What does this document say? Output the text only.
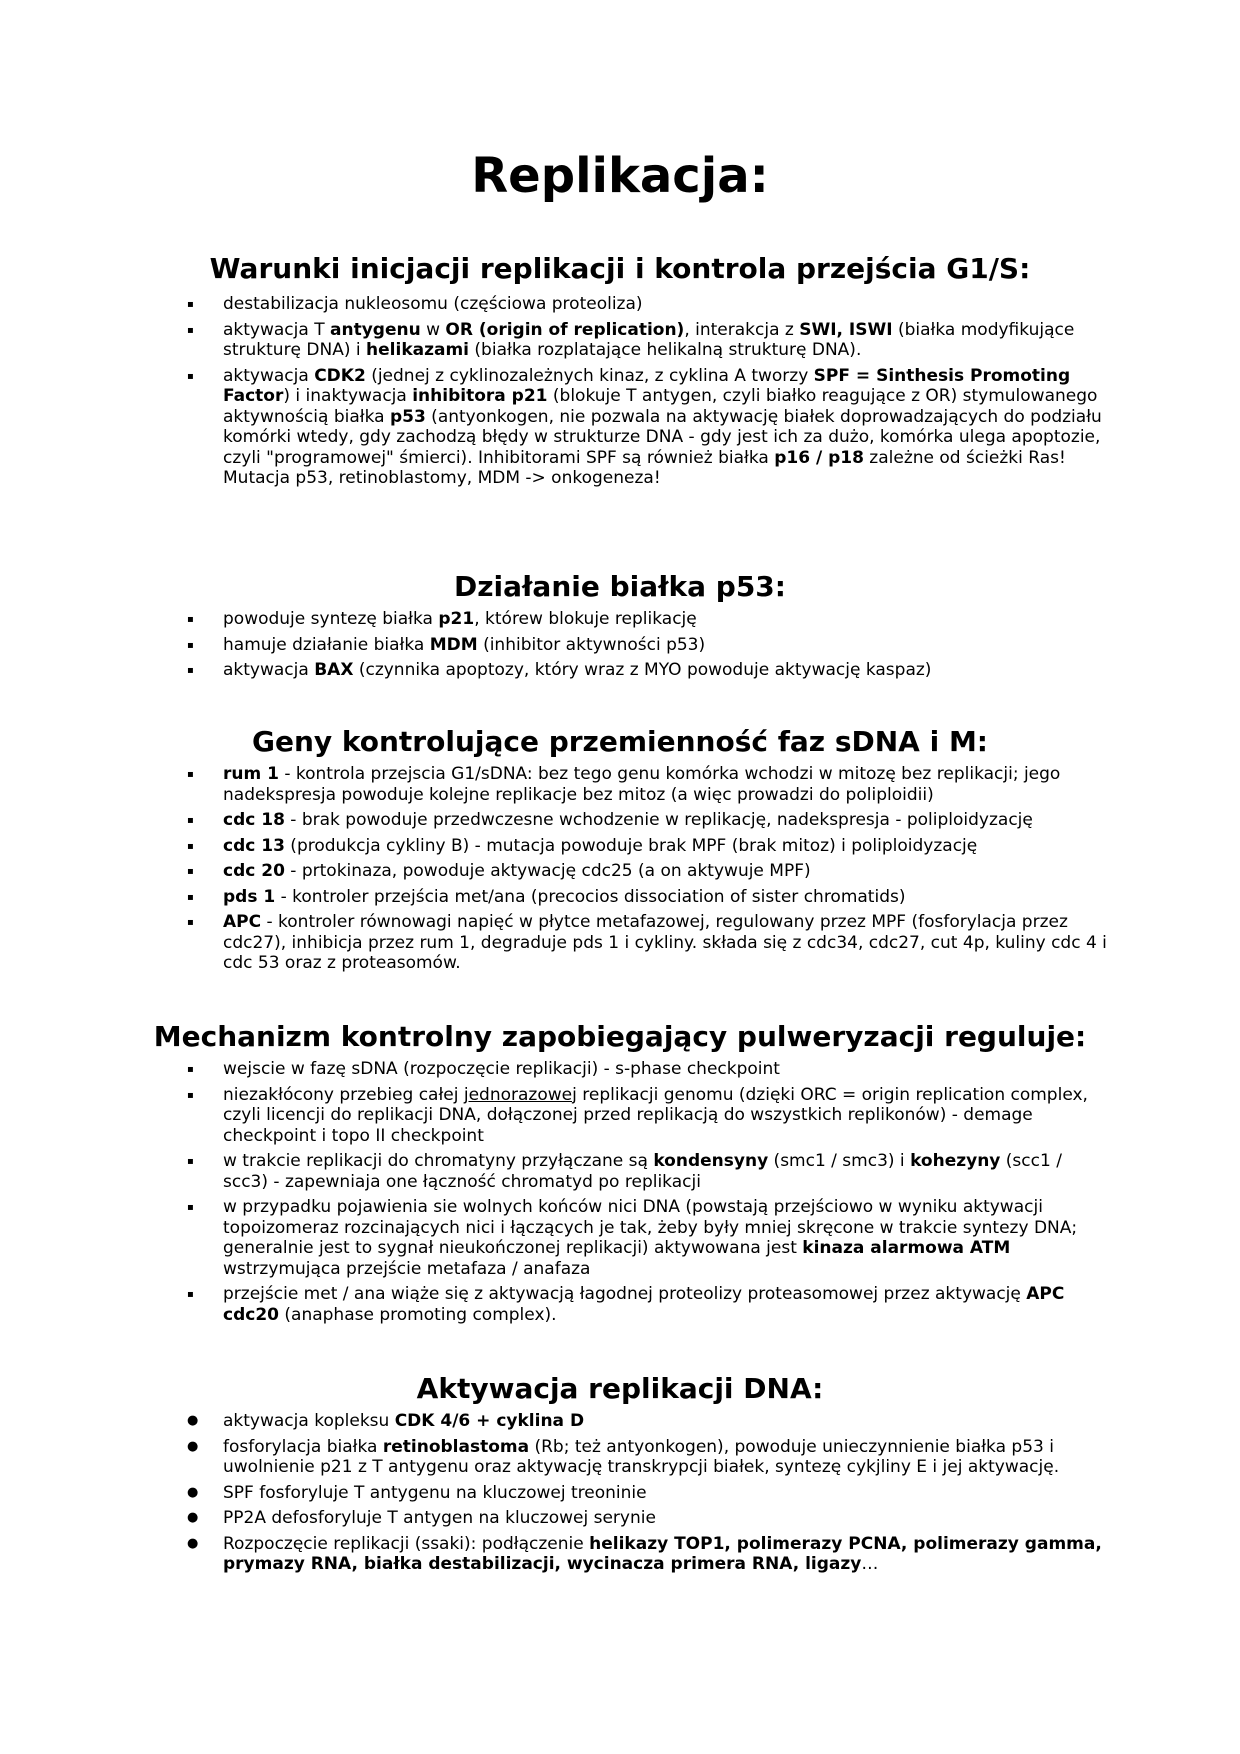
Replikacja:
Warunki inicjacji replikacji i kontrola przejścia G1/S:
▪ destabilizacja nukleosomu (częściowa proteoliza)
▪ aktywacja T antygenu w OR (origin of replication), interakcja z SWI, ISWI (białka modyfikujące strukturę DNA) i helikazami (białka rozplatające helikalną strukturę DNA).
▪ aktywacja CDK2 (jednej z cyklinozależnych kinaz, z cyklina A tworzy SPF = Sinthesis Promoting Factor) i inaktywacja inhibitora p21 (blokuje T antygen, czyli białko reagujące z OR) stymulowanego aktywnością białka p53 (antyonkogen, nie pozwala na aktywację białek doprowadzających do podziału komórki wtedy, gdy zachodzą błędy w strukturze DNA - gdy jest ich za dużo, komórka ulega apoptozie, czyli "programowej" śmierci). Inhibitorami SPF są również białka p16 / p18 zależne od ścieżki Ras!
Mutacja p53, retinoblastomy, MDM -> onkogeneza!
Działanie białka p53:
▪ powoduje syntezę białka p21, którew blokuje replikację
▪ hamuje działanie białka MDM (inhibitor aktywności p53)
▪ aktywacja BAX (czynnika apoptozy, który wraz z MYO powoduje aktywację kaspaz)
Geny kontrolujące przemienność faz sDNA i M:
▪ rum 1 - kontrola przejscia G1/sDNA: bez tego genu komórka wchodzi w mitozę bez replikacji; jego nadekspresja powoduje kolejne replikacje bez mitoz (a więc prowadzi do poliploidii)
▪ cdc 18 - brak powoduje przedwczesne wchodzenie w replikację, nadekspresja - poliploidyzację
▪ cdc 13 (produkcja cykliny B) - mutacja powoduje brak MPF (brak mitoz) i poliploidyzację
▪ cdc 20 - prtokinaza, powoduje aktywację cdc25 (a on aktywuje MPF)
▪ pds 1 - kontroler przejścia met/ana (precocios dissociation of sister chromatids)
▪ APC - kontroler równowagi napięć w płytce metafazowej, regulowany przez MPF (fosforylacja przez cdc27), inhibicja przez rum 1, degraduje pds 1 i cykliny. składa się z cdc34, cdc27, cut 4p, kuliny cdc 4 i cdc 53 oraz z proteasomów.
Mechanizm kontrolny zapobiegający pulweryzacji reguluje:
▪ wejscie w fazę sDNA (rozpoczęcie replikacji) - s-phase checkpoint
▪ niezakłócony przebieg całej jednorazowej replikacji genomu (dzięki ORC = origin replication complex, czyli licencji do replikacji DNA, dołączonej przed replikacją do wszystkich replikonów) - demage checkpoint i topo II checkpoint
▪ w trakcie replikacji do chromatyny przyłączane są kondensyny (smc1 / smc3) i kohezyny (scc1 / scc3) - zapewniaja one łączność chromatyd po replikacji
▪ w przypadku pojawienia sie wolnych końców nici DNA (powstają przejściowo w wyniku aktywacji topoizomeraz rozcinających nici i łączących je tak, żeby były mniej skręcone w trakcie syntezy DNA; generalnie jest to sygnał nieukończonej replikacji) aktywowana jest kinaza alarmowa ATM wstrzymująca przejście metafaza / anafaza
▪ przejście met / ana wiąże się z aktywacją łagodnej proteolizy proteasomowej przez aktywację APC cdc20 (anaphase promoting complex).
Aktywacja replikacji DNA:
● aktywacja kopleksu CDK 4/6 + cyklina D
● fosforylacja białka retinoblastoma (Rb; też antyonkogen), powoduje unieczynnienie białka p53 i uwolnienie p21 z T antygenu oraz aktywację transkrypcji białek, syntezę cykjliny E i jej aktywację.
● SPF fosforyluje T antygenu na kluczowej treoninie
● PP2A defosforyluje T antygen na kluczowej serynie
● Rozpoczęcie replikacji (ssaki): podłączenie helikazy TOP1, polimerazy PCNA, polimerazy gamma, prymazy RNA, białka destabilizacji, wycinacza primera RNA, ligazy…
